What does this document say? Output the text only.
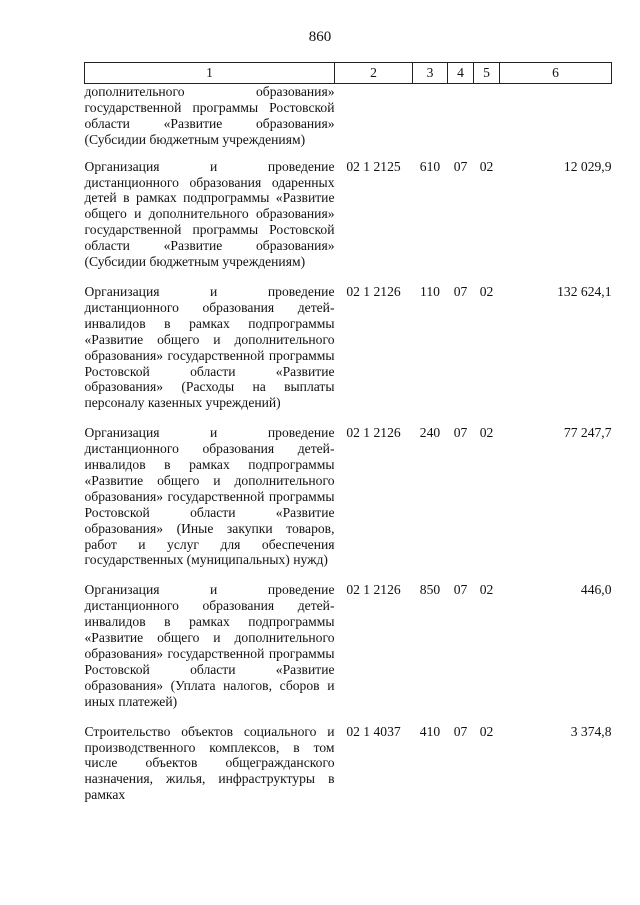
860
1	2	3	4	5	6
дополнительного образования» государственной программы Ростовской области «Развитие образования» (Субсидии бюджетным учреждениям)					
Организация и проведение дистанционного образования одаренных детей в рамках подпрограммы «Развитие общего и дополнительного образования» государственной программы Ростовской области «Развитие образования» (Субсидии бюджетным учреждениям)	02 1 2125	610	07	02	12 029,9
Организация и проведение дистанционного образования детей-инвалидов в рамках подпрограммы «Развитие общего и дополнительного образования» государственной программы Ростовской области «Развитие образования» (Расходы на выплаты персоналу казенных учреждений)	02 1 2126	110	07	02	132 624,1
Организация и проведение дистанционного образования детей-инвалидов в рамках подпрограммы «Развитие общего и дополнительного образования» государственной программы Ростовской области «Развитие образования» (Иные закупки товаров, работ и услуг для обеспечения государственных (муниципальных) нужд)	02 1 2126	240	07	02	77 247,7
Организация и проведение дистанционного образования детей-инвалидов в рамках подпрограммы «Развитие общего и дополнительного образования» государственной программы Ростовской области «Развитие образования» (Уплата налогов, сборов и иных платежей)	02 1 2126	850	07	02	446,0
Строительство объектов социального и производственного комплексов, в том числе объектов общегражданского назначения, жилья, инфраструктуры в рамках	02 1 4037	410	07	02	3 374,8
